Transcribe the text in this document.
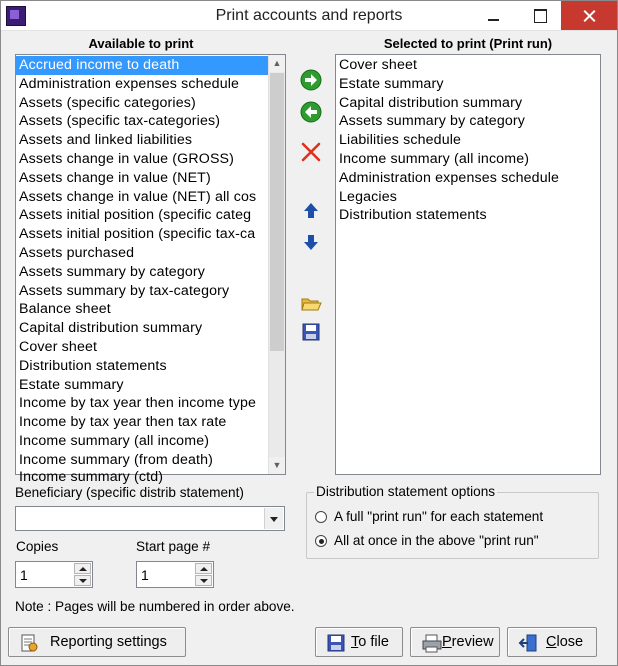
Print accounts and reports
Available to print	Selected to print (Print run)
Accrued income to death
Administration expenses schedule
Assets (specific categories)
Assets (specific tax-categories)
Assets and linked liabilities
Assets change in value (GROSS)
Assets change in value (NET)
Assets change in value (NET) all cos
Assets initial position (specific categ
Assets initial position (specific tax-ca
Assets purchased
Assets summary by category
Assets summary by tax-category
Balance sheet
Capital distribution summary
Cover sheet
Distribution statements
Estate summary
Income by tax year then income type
Income by tax year then tax rate
Income summary (all income)
Income summary (from death)
Income summary (ctd)
▲
▼
Cover sheet
Estate summary
Capital distribution summary
Assets summary by category
Liabilities schedule
Income summary (all income)
Administration expenses schedule
Legacies
Distribution statements
Beneficiary (specific distrib statement)
Copies
1
Start page #
1
Distribution statement options
A full "print run" for each statement
All at once in the above "print run"
Note : Pages will be numbered in order above.
Reporting settings	To file	Preview	Close
